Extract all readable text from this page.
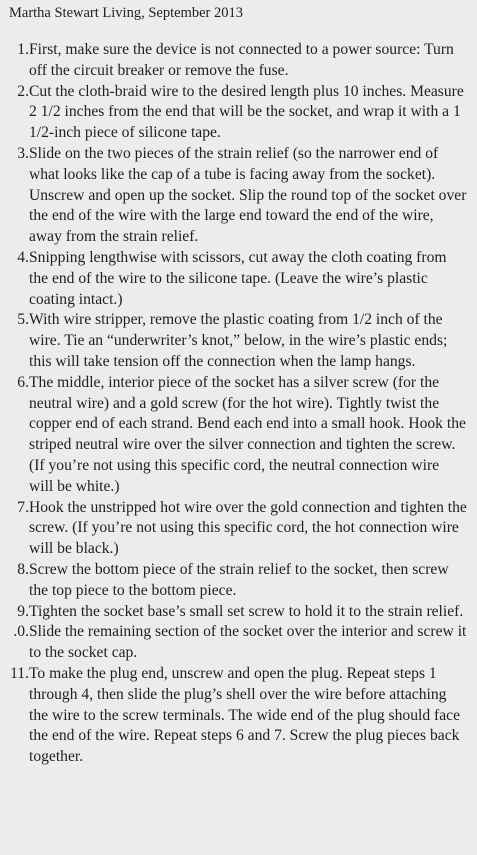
Martha Stewart Living, September 2013
1. First, make sure the device is not connected to a power source: Turn off the circuit breaker or remove the fuse.
2. Cut the cloth-braid wire to the desired length plus 10 inches. Measure 2 1/2 inches from the end that will be the socket, and wrap it with a 1 1/2-inch piece of silicone tape.
3. Slide on the two pieces of the strain relief (so the narrower end of what looks like the cap of a tube is facing away from the socket). Unscrew and open up the socket. Slip the round top of the socket over the end of the wire with the large end toward the end of the wire, away from the strain relief.
4. Snipping lengthwise with scissors, cut away the cloth coating from the end of the wire to the silicone tape. (Leave the wire’s plastic coating intact.)
5. With wire stripper, remove the plastic coating from 1/2 inch of the wire. Tie an “underwriter’s knot,” below, in the wire’s plastic ends; this will take tension off the connection when the lamp hangs.
6. The middle, interior piece of the socket has a silver screw (for the neutral wire) and a gold screw (for the hot wire). Tightly twist the copper end of each strand. Bend each end into a small hook. Hook the striped neutral wire over the silver connection and tighten the screw. (If you’re not using this specific cord, the neutral connection wire will be white.)
7. Hook the unstripped hot wire over the gold connection and tighten the screw. (If you’re not using this specific cord, the hot connection wire will be black.)
8. Screw the bottom piece of the strain relief to the socket, then screw the top piece to the bottom piece.
9. Tighten the socket base’s small set screw to hold it to the strain relief.
.0. Slide the remaining section of the socket over the interior and screw it to the socket cap.
11. To make the plug end, unscrew and open the plug. Repeat steps 1 through 4, then slide the plug’s shell over the wire before attaching the wire to the screw terminals. The wide end of the plug should face the end of the wire. Repeat steps 6 and 7. Screw the plug pieces back together.
